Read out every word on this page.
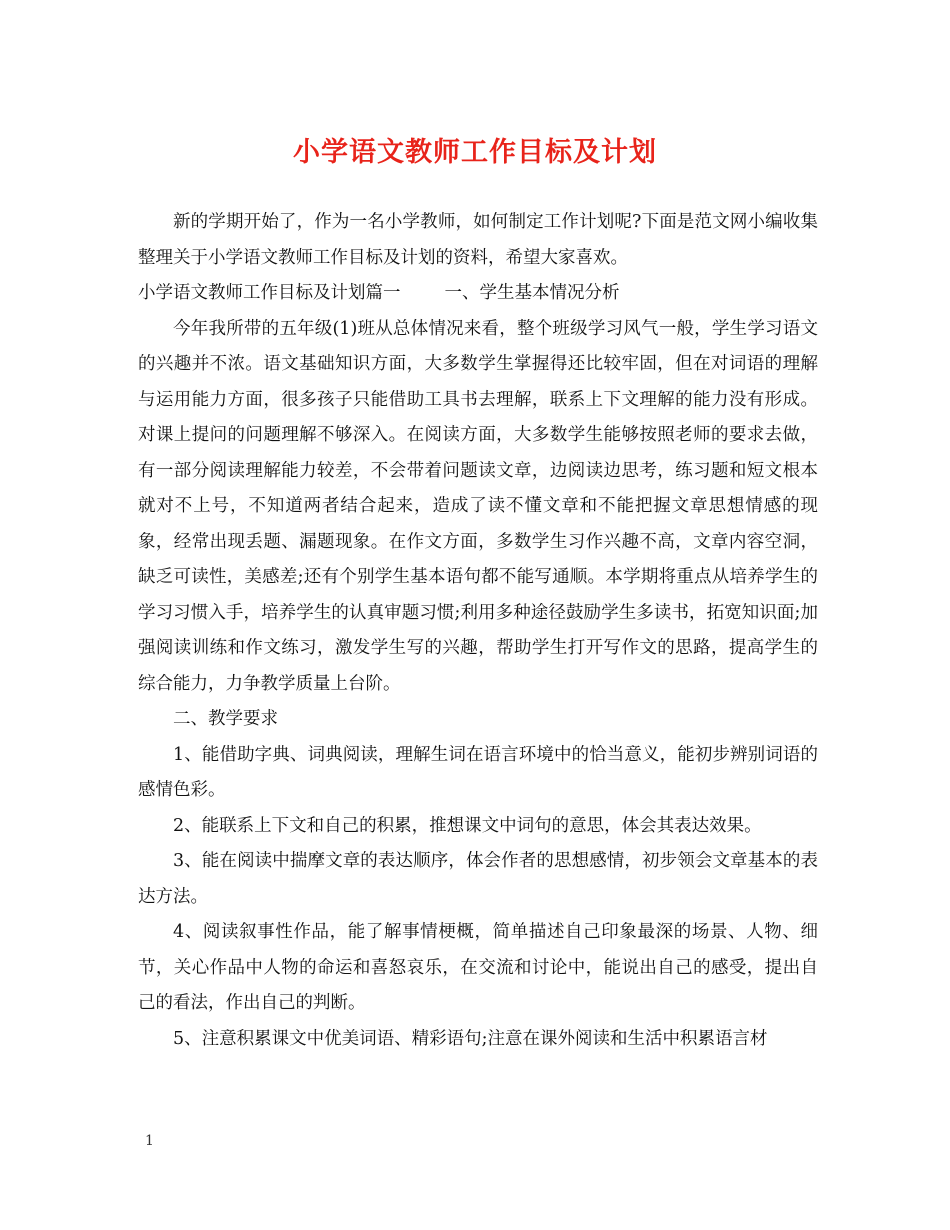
小学语文教师工作目标及计划

新的学期开始了，作为一名小学教师，如何制定工作计划呢?下面是范文网小编收集整理关于小学语文教师工作目标及计划的资料，希望大家喜欢。

小学语文教师工作目标及计划篇一	一、学生基本情况分析

今年我所带的五年级(1)班从总体情况来看，整个班级学习风气一般，学生学习语文的兴趣并不浓。语文基础知识方面，大多数学生掌握得还比较牢固，但在对词语的理解与运用能力方面，很多孩子只能借助工具书去理解，联系上下文理解的能力没有形成。对课上提问的问题理解不够深入。在阅读方面，大多数学生能够按照老师的要求去做，有一部分阅读理解能力较差，不会带着问题读文章，边阅读边思考，练习题和短文根本就对不上号，不知道两者结合起来，造成了读不懂文章和不能把握文章思想情感的现象，经常出现丢题、漏题现象。在作文方面，多数学生习作兴趣不高，文章内容空洞，缺乏可读性，美感差;还有个别学生基本语句都不能写通顺。本学期将重点从培养学生的学习习惯入手，培养学生的认真审题习惯;利用多种途径鼓励学生多读书，拓宽知识面;加强阅读训练和作文练习，激发学生写的兴趣，帮助学生打开写作文的思路，提高学生的综合能力，力争教学质量上台阶。

二、教学要求

1、能借助字典、词典阅读，理解生词在语言环境中的恰当意义，能初步辨别词语的感情色彩。

2、能联系上下文和自己的积累，推想课文中词句的意思，体会其表达效果。

3、能在阅读中揣摩文章的表达顺序，体会作者的思想感情，初步领会文章基本的表达方法。

4、阅读叙事性作品，能了解事情梗概，简单描述自己印象最深的场景、人物、细节，关心作品中人物的命运和喜怒哀乐，在交流和讨论中，能说出自己的感受，提出自己的看法，作出自己的判断。

5、注意积累课文中优美词语、精彩语句;注意在课外阅读和生活中积累语言材

1
